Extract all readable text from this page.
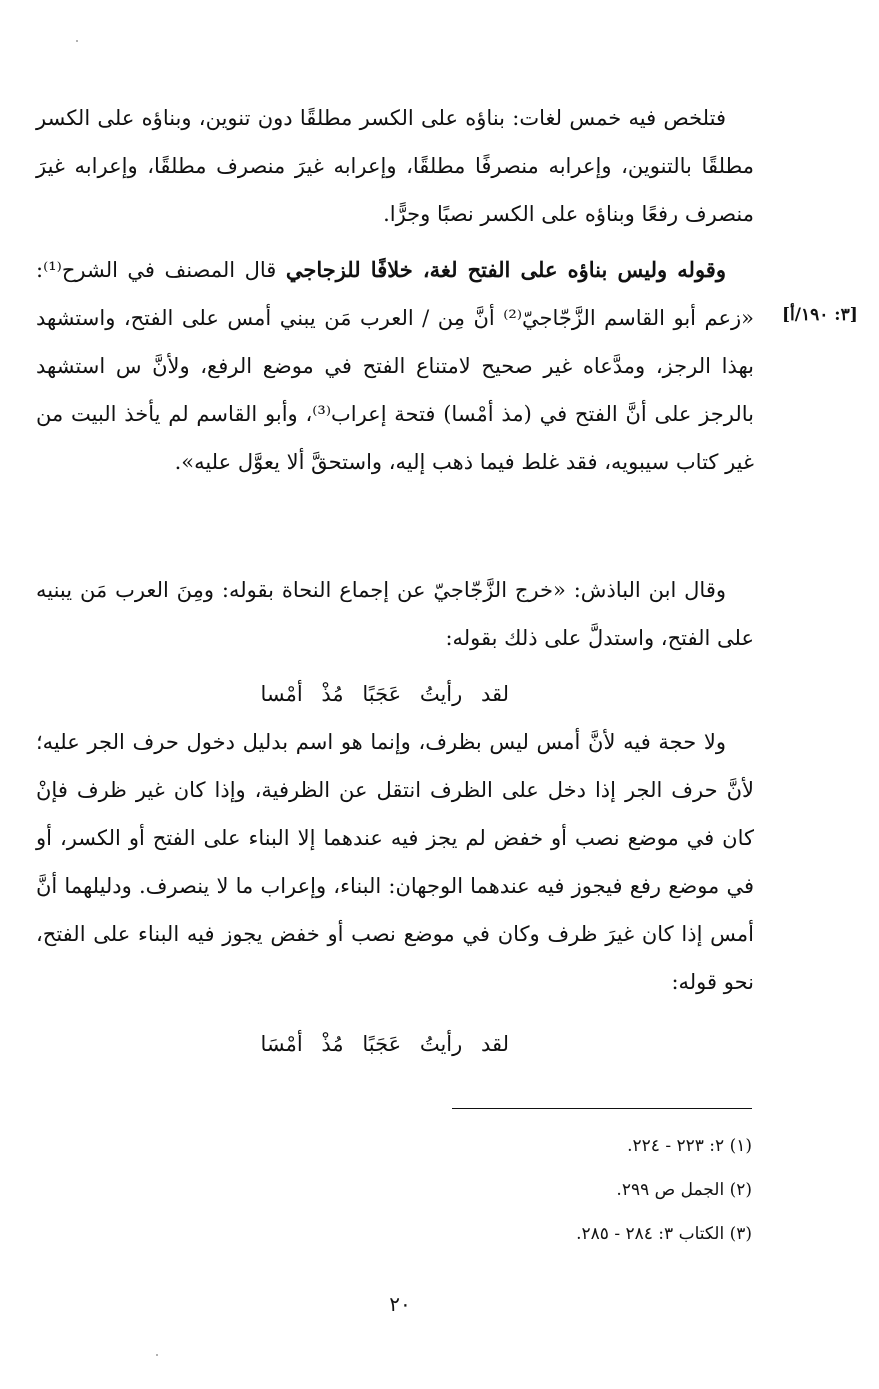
فتلخص فيه خمس لغات: بناؤه على الكسر مطلقًا دون تنوين، وبناؤه على الكسر مطلقًا بالتنوين، وإعرابه منصرفًا مطلقًا، وإعرابه غيرَ منصرف مطلقًا، وإعرابه غيرَ منصرف رفعًا وبناؤه على الكسر نصبًا وجرًّا.

وقوله وليس بناؤه على الفتح لغة، خلافًا للزجاجي قال المصنف في الشرح⁽¹⁾: «زعم أبو القاسم الزَّجّاجيّ⁽²⁾ أنَّ مِن / العرب مَن يبني أمس على الفتح، واستشهد بهذا الرجز، ومدَّعاه غير صحيح لامتناع الفتح في موضع الرفع، ولأنَّ س استشهد بالرجز على أنَّ الفتح في (مذ أمْسا) فتحة إعراب⁽³⁾، وأبو القاسم لم يأخذ البيت من غير كتاب سيبويه، فقد غلط فيما ذهب إليه، واستحقَّ ألا يعوَّل عليه».

[٣: ١٩٠/أ]

وقال ابن الباذش: «خرج الزَّجّاجيّ عن إجماع النحاة بقوله: ومِنَ العرب مَن يبنيه على الفتح، واستدلَّ على ذلك بقوله:

لقد رأيتُ عَجَبًا مُذْ أمْسا

ولا حجة فيه لأنَّ أمس ليس بظرف، وإنما هو اسم بدليل دخول حرف الجر عليه؛ لأنَّ حرف الجر إذا دخل على الظرف انتقل عن الظرفية، وإذا كان غير ظرف فإنْ كان في موضع نصب أو خفض لم يجز فيه عندهما إلا البناء على الفتح أو الكسر، أو في موضع رفع فيجوز فيه عندهما الوجهان: البناء، وإعراب ما لا ينصرف. ودليلهما أنَّ أمس إذا كان غيرَ ظرف وكان في موضع نصب أو خفض يجوز فيه البناء على الفتح، نحو قوله:

لقد رأيتُ عَجَبًا مُذْ أمْسَا
(١) ٢: ٢٢٣ - ٢٢٤.
(٢) الجمل ص ٢٩٩.
(٣) الكتاب ٣: ٢٨٤ - ٢٨٥.
٢٠
